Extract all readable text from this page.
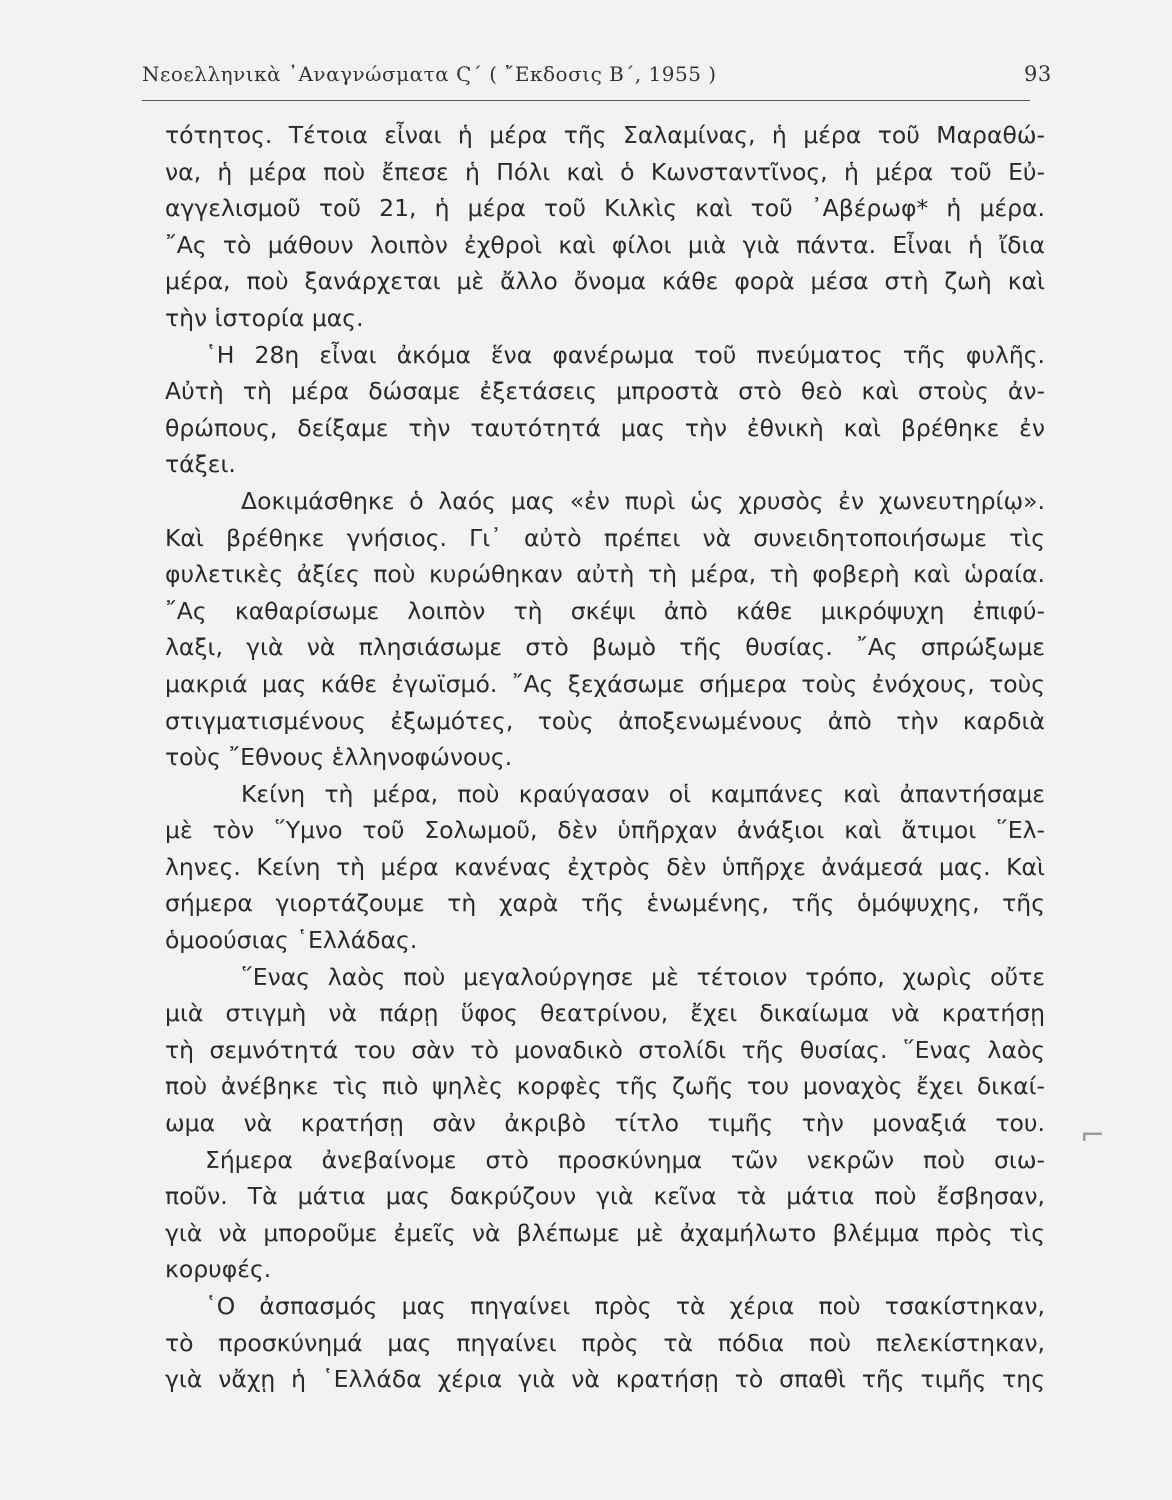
Νεοελληνικὰ ᾿Αναγνώσματα Ϛ΄ ( ῎Εκδοσις Β΄, 1955 )	93
τότητος. Τέτοια εἶναι ἡ μέρα τῆς Σαλαμίνας, ἡ μέρα τοῦ Μαραθώ-
να, ἡ μέρα ποὺ ἔπεσε ἡ Πόλι καὶ ὁ Κωνσταντῖνος, ἡ μέρα τοῦ Εὐ-
αγγελισμοῦ τοῦ 21, ἡ μέρα τοῦ Κιλκὶς καὶ τοῦ ᾿Αβέρωφ* ἡ μέρα.
῎Ας τὸ μάθουν λοιπὸν ἐχθροὶ καὶ φίλοι μιὰ γιὰ πάντα. Εἶναι ἡ ἴδια
μέρα, ποὺ ξανάρχεται μὲ ἄλλο ὄνομα κάθε φορὰ μέσα στὴ ζωὴ καὶ
τὴν ἱστορία μας.
῾Η 28η εἶναι ἀκόμα ἕνα φανέρωμα τοῦ πνεύματος τῆς φυλῆς.
Αὐτὴ τὴ μέρα δώσαμε ἐξετάσεις μπροστὰ στὸ θεὸ καὶ στοὺς ἀν-
θρώπους, δείξαμε τὴν ταυτότητά μας τὴν ἐθνικὴ καὶ βρέθηκε ἐν
τάξει.
Δοκιμάσθηκε ὁ λαός μας «ἐν πυρὶ ὡς χρυσὸς ἐν χωνευτηρίῳ».
Καὶ βρέθηκε γνήσιος. Γι᾿ αὐτὸ πρέπει νὰ συνειδητοποιήσωμε τὶς
φυλετικὲς ἀξίες ποὺ κυρώθηκαν αὐτὴ τὴ μέρα, τὴ φοβερὴ καὶ ὡραία.
῎Ας καθαρίσωμε λοιπὸν τὴ σκέψι ἀπὸ κάθε μικρόψυχη ἐπιφύ-
λαξι, γιὰ νὰ πλησιάσωμε στὸ βωμὸ τῆς θυσίας. ῎Ας σπρώξωμε
μακριά μας κάθε ἐγωϊσμό. ῎Ας ξεχάσωμε σήμερα τοὺς ἐνόχους, τοὺς
στιγματισμένους ἐξωμότες, τοὺς ἀποξενωμένους ἀπὸ τὴν καρδιὰ
τοὺς ῎Εθνους ἑλληνοφώνους.
Κείνη τὴ μέρα, ποὺ κραύγασαν οἱ καμπάνες καὶ ἀπαντήσαμε
μὲ τὸν ῞Υμνο τοῦ Σολωμοῦ, δὲν ὑπῆρχαν ἀνάξιοι καὶ ἄτιμοι ῞Ελ-
ληνες. Κείνη τὴ μέρα κανένας ἐχτρὸς δὲν ὑπῆρχε ἀνάμεσά μας. Καὶ
σήμερα γιορτάζουμε τὴ χαρὰ τῆς ἑνωμένης, τῆς ὁμόψυχης, τῆς
ὁμοούσιας ῾Ελλάδας.
῞Ενας λαὸς ποὺ μεγαλούργησε μὲ τέτοιον τρόπο, χωρὶς οὔτε
μιὰ στιγμὴ νὰ πάρῃ ὕφος θεατρίνου, ἔχει δικαίωμα νὰ κρατήσῃ
τὴ σεμνότητά του σὰν τὸ μοναδικὸ στολίδι τῆς θυσίας. ῞Ενας λαὸς
ποὺ ἀνέβηκε τὶς πιὸ ψηλὲς κορφὲς τῆς ζωῆς του μοναχὸς ἔχει δικαί-
ωμα νὰ κρατήσῃ σὰν ἀκριβὸ τίτλο τιμῆς τὴν μοναξιά του.
Σήμερα ἀνεβαίνομε στὸ προσκύνημα τῶν νεκρῶν ποὺ σιω-
ποῦν. Τὰ μάτια μας δακρύζουν γιὰ κεῖνα τὰ μάτια ποὺ ἔσβησαν,
γιὰ νὰ μποροῦμε ἐμεῖς νὰ βλέπωμε μὲ ἀχαμήλωτο βλέμμα πρὸς τὶς
κορυφές.
῾Ο ἀσπασμός μας πηγαίνει πρὸς τὰ χέρια ποὺ τσακίστηκαν,
τὸ προσκύνημά μας πηγαίνει πρὸς τὰ πόδια ποὺ πελεκίστηκαν,
γιὰ νἄχῃ ἡ ῾Ελλάδα χέρια γιὰ νὰ κρατήσῃ τὸ σπαθὶ τῆς τιμῆς της
⌐
